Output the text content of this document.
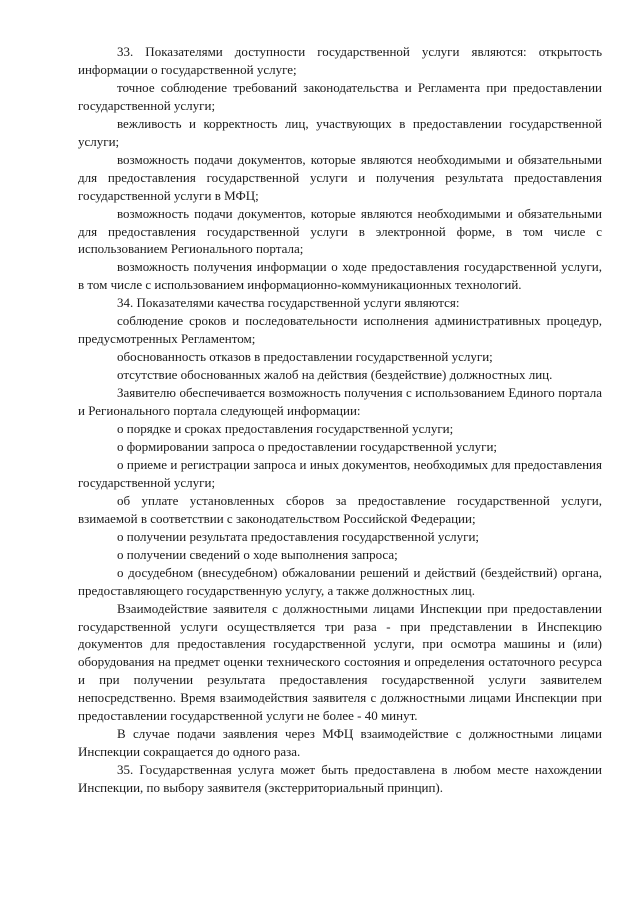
33. Показателями доступности государственной услуги являются: открытость информации о государственной услуге;

точное соблюдение требований законодательства и Регламента при предоставлении государственной услуги;

вежливость и корректность лиц, участвующих в предоставлении государственной услуги;

возможность подачи документов, которые являются необходимыми и обязательными для предоставления государственной услуги и получения результата предоставления государственной услуги в МФЦ;

возможность подачи документов, которые являются необходимыми и обязательными для предоставления государственной услуги в электронной форме, в том числе с использованием Регионального портала;

возможность получения информации о ходе предоставления государственной услуги, в том числе с использованием информационно-коммуникационных технологий.

34. Показателями качества государственной услуги являются:

соблюдение сроков и последовательности исполнения административных процедур, предусмотренных Регламентом;

обоснованность отказов в предоставлении государственной услуги;

отсутствие обоснованных жалоб на действия (бездействие) должностных лиц.

Заявителю обеспечивается возможность получения с использованием Единого портала и Регионального портала следующей информации:

о порядке и сроках предоставления государственной услуги;

о формировании запроса о предоставлении государственной услуги;

о приеме и регистрации запроса и иных документов, необходимых для предоставления государственной услуги;

об уплате установленных сборов за предоставление государственной услуги, взимаемой в соответствии с законодательством Российской Федерации;

о получении результата предоставления государственной услуги;

о получении сведений о ходе выполнения запроса;

о досудебном (внесудебном) обжаловании решений и действий (бездействий) органа, предоставляющего государственную услугу, а также должностных лиц.

Взаимодействие заявителя с должностными лицами Инспекции при предоставлении государственной услуги осуществляется три раза - при представлении в Инспекцию документов для предоставления государственной услуги, при осмотра машины и (или) оборудования на предмет оценки технического состояния и определения остаточного ресурса и при получении результата предоставления государственной услуги заявителем непосредственно. Время взаимодействия заявителя с должностными лицами Инспекции при предоставлении государственной услуги не более - 40 минут.

В случае подачи заявления через МФЦ взаимодействие с должностными лицами Инспекции сокращается до одного раза.

35. Государственная услуга может быть предоставлена в любом месте нахождении Инспекции, по выбору заявителя (экстерриториальный принцип).
